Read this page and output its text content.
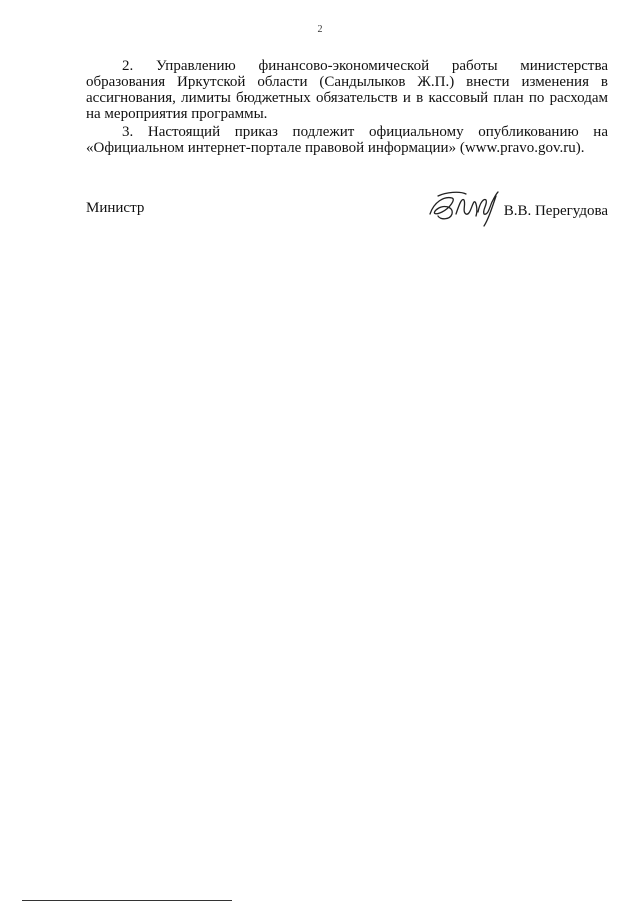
2

2. Управлению финансово-экономической работы министерства образования Иркутской области (Сандылыков Ж.П.) внести изменения в ассигнования, лимиты бюджетных обязательств и в кассовый план по расходам на мероприятия программы.

3. Настоящий приказ подлежит официальному опубликованию на «Официальном интернет-портале правовой информации» (www.pravo.gov.ru).

Министр	В.В. Перегудова
